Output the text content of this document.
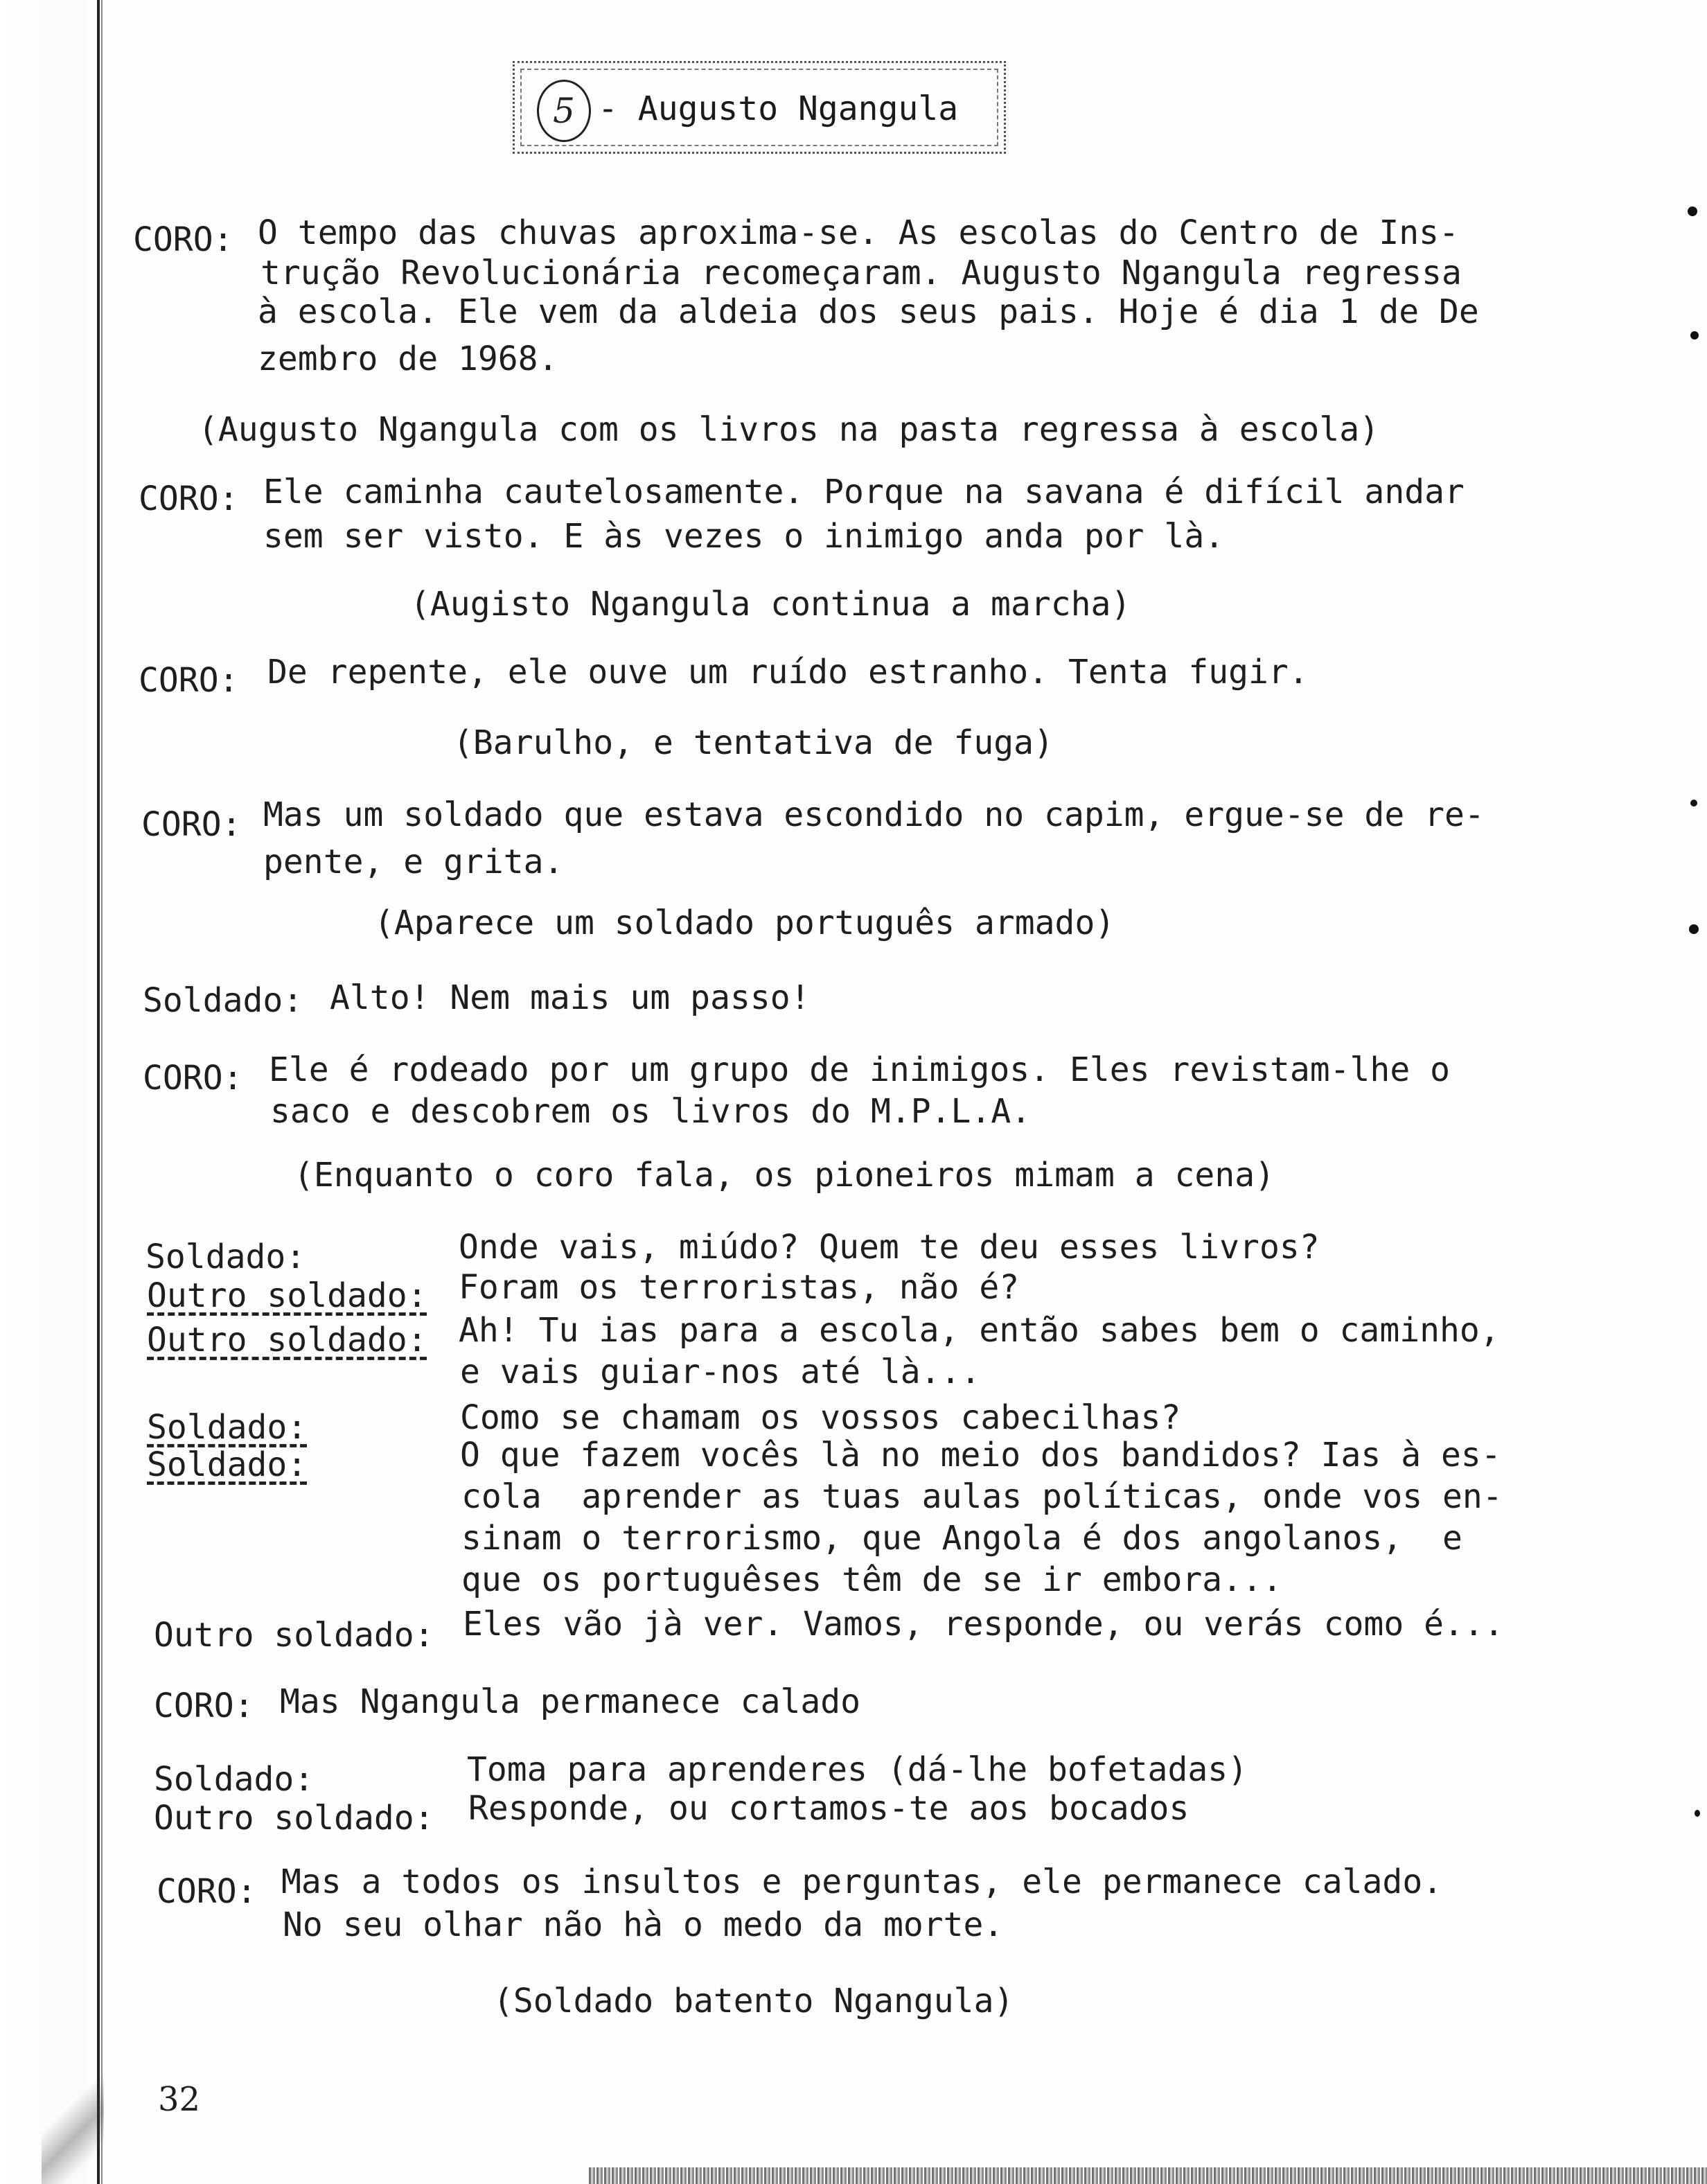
5 - Augusto Ngangula
CORO: O tempo das chuvas aproxima-se. As escolas do Centro de Ins-
trução Revolucionária recomeçaram. Augusto Ngangula regressa
à escola. Ele vem da aldeia dos seus pais. Hoje é dia 1 de De
zembro de 1968.
(Augusto Ngangula com os livros na pasta regressa à escola)
CORO: Ele caminha cautelosamente. Porque na savana é difícil andar
sem ser visto. E às vezes o inimigo anda por là.
(Augisto Ngangula continua a marcha)
CORO: De repente, ele ouve um ruído estranho. Tenta fugir.
(Barulho, e tentativa de fuga)
CORO: Mas um soldado que estava escondido no capim, ergue-se de re-
pente, e grita.
(Aparece um soldado português armado)
Soldado: Alto! Nem mais um passo!
CORO: Ele é rodeado por um grupo de inimigos. Eles revistam-lhe o
saco e descobrem os livros do M.P.L.A.
(Enquanto o coro fala, os pioneiros mimam a cena)
Soldado:	Onde vais, miúdo? Quem te deu esses livros?
Outro soldado: Foram os terroristas, não é?
Outro soldado: Ah! Tu ias para a escola, então sabes bem o caminho,
e vais guiar-nos até là...
Soldado:	Como se chamam os vossos cabecilhas?
Soldado:	O que fazem vocês là no meio dos bandidos? Ias à es-
cola  aprender as tuas aulas políticas, onde vos en-
sinam o terrorismo, que Angola é dos angolanos,  e
que os portuguêses têm de se ir embora...
Outro soldado: Eles vão jà ver. Vamos, responde, ou verás como é...
CORO: Mas Ngangula permanece calado
Soldado:	Toma para aprenderes (dá-lhe bofetadas)
Outro soldado: Responde, ou cortamos-te aos bocados
CORO: Mas a todos os insultos e perguntas, ele permanece calado.
No seu olhar não hà o medo da morte.
(Soldado batento Ngangula)
32
